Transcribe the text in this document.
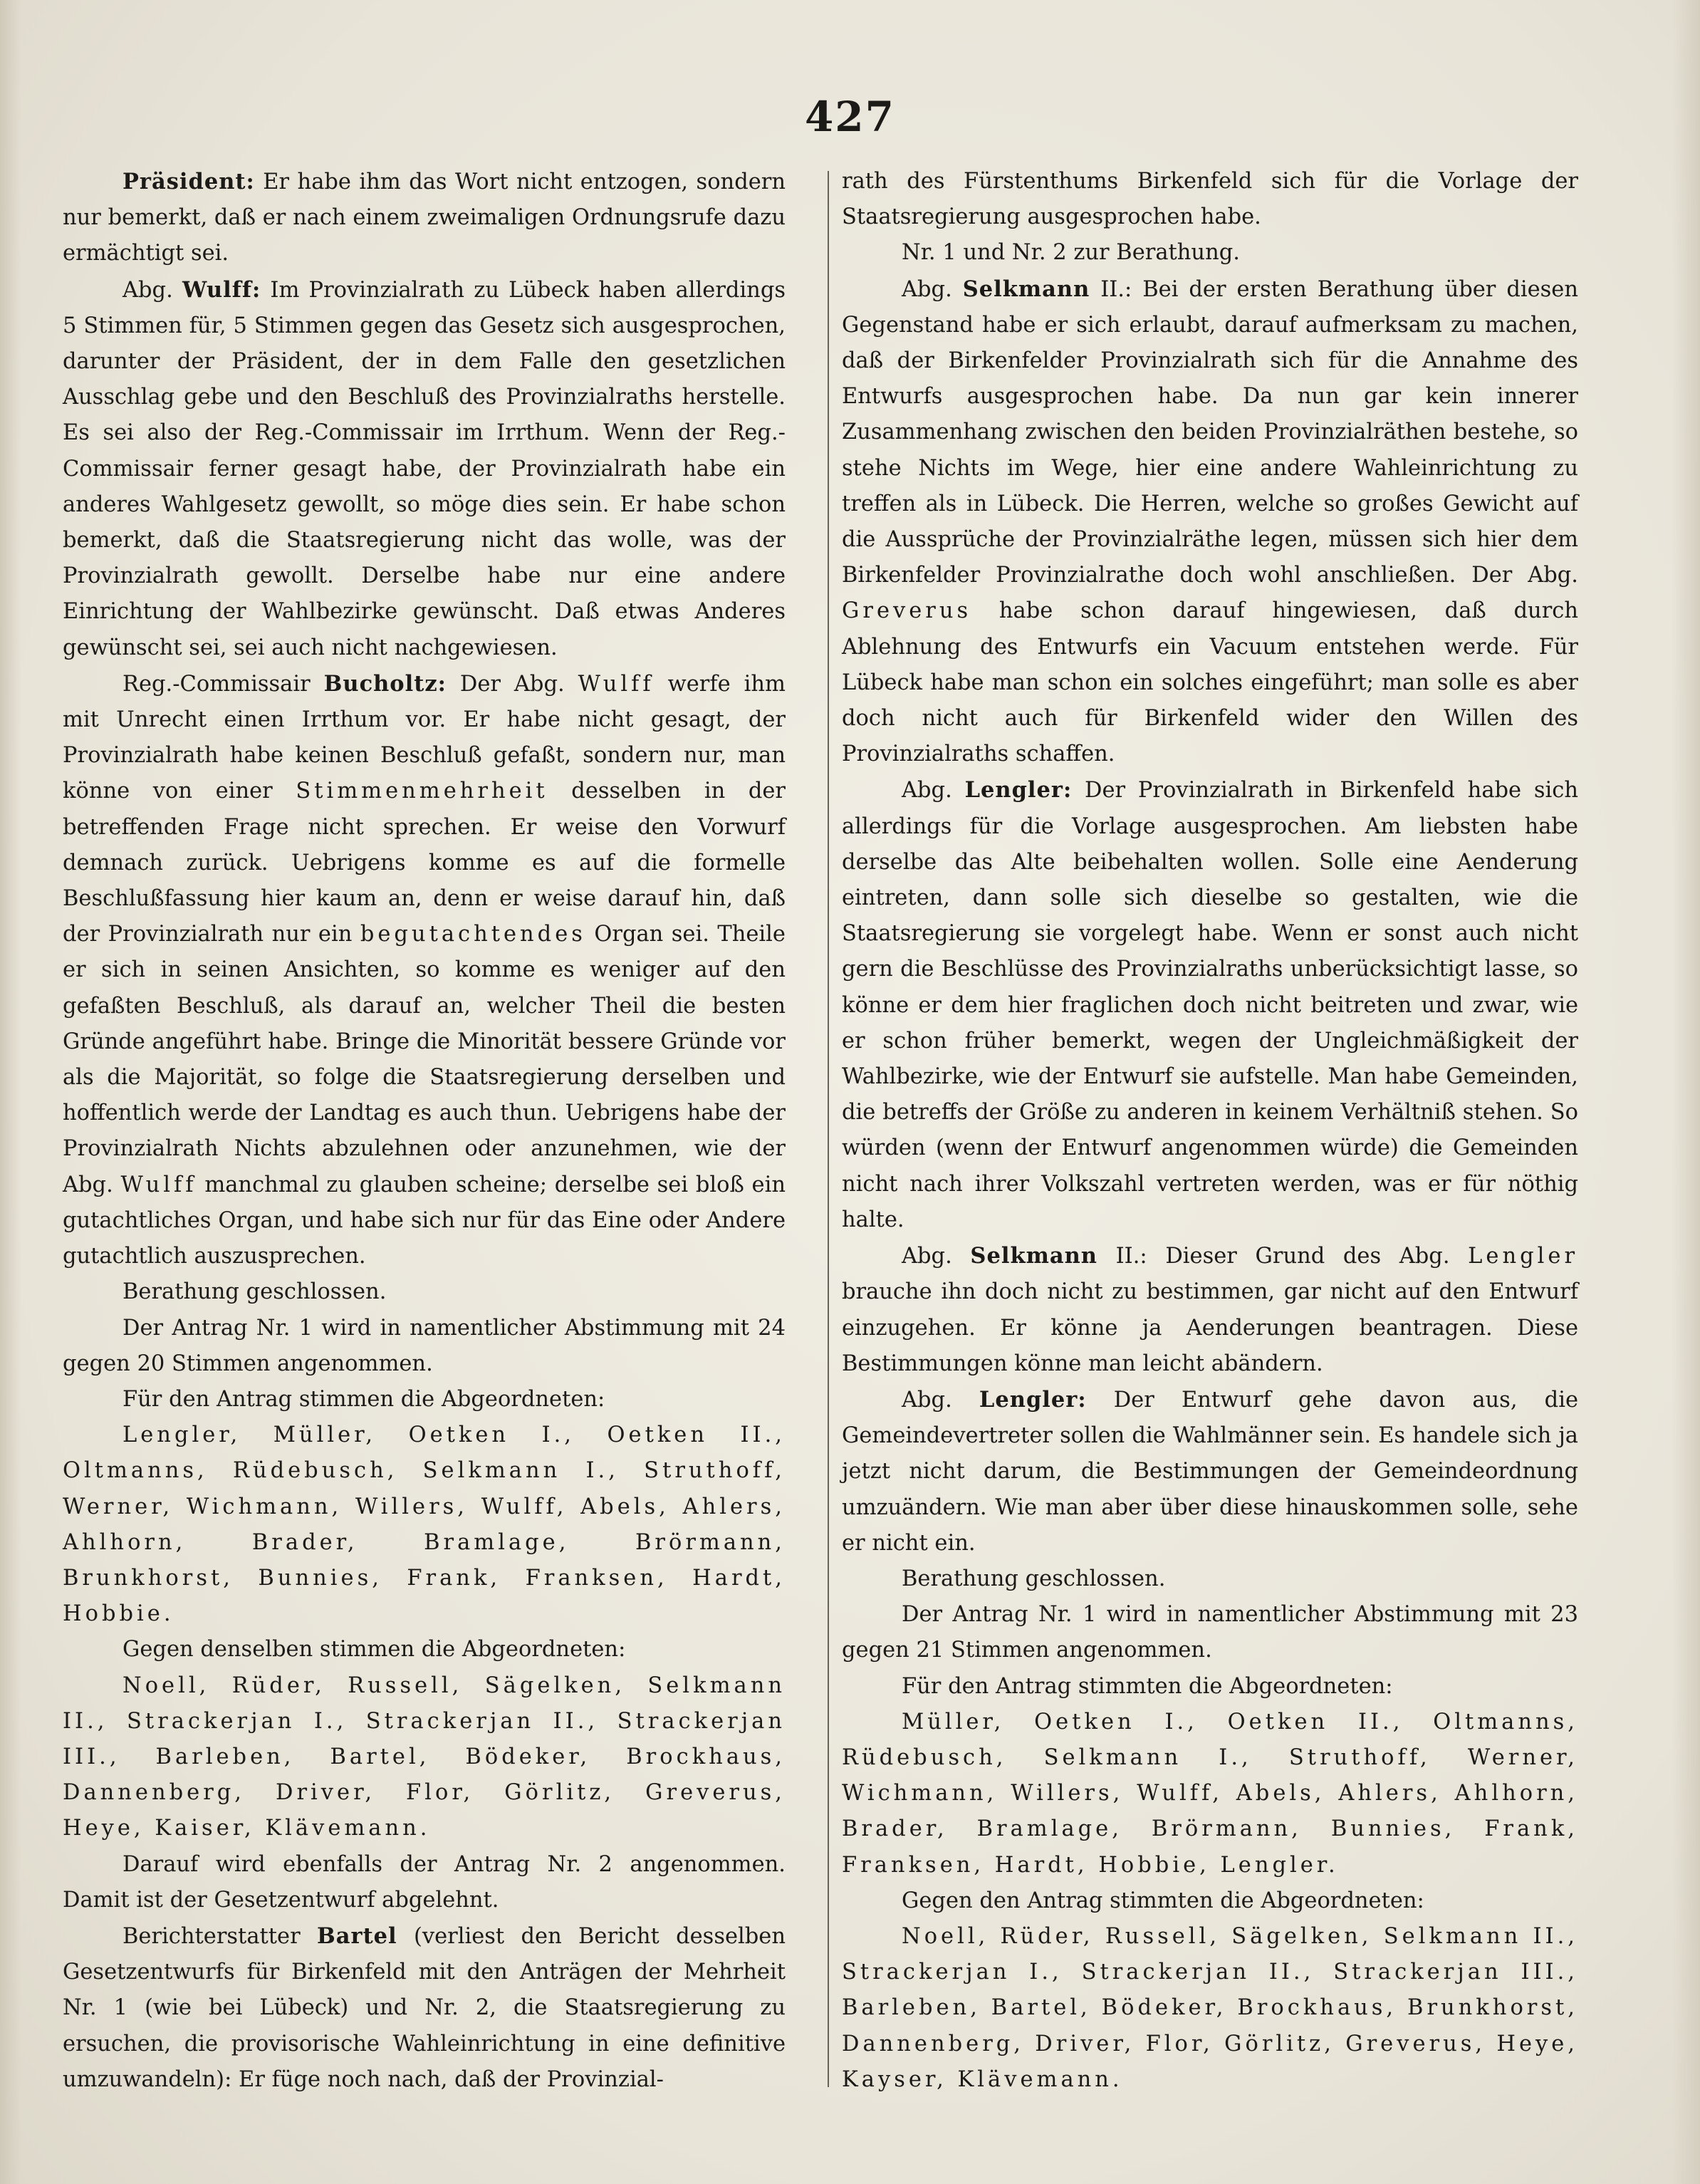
427

Präsident: Er habe ihm das Wort nicht entzogen, sondern nur bemerkt, daß er nach einem zweimaligen Ordnungsrufe dazu ermächtigt sei.

Abg. Wulff: Im Provinzialrath zu Lübeck haben allerdings 5 Stimmen für, 5 Stimmen gegen das Gesetz sich ausgesprochen, darunter der Präsident, der in dem Falle den gesetzlichen Ausschlag gebe und den Beschluß des Provinzialraths herstelle. Es sei also der Reg.-Commissair im Irrthum. Wenn der Reg.-Commissair ferner gesagt habe, der Provinzialrath habe ein anderes Wahlgesetz gewollt, so möge dies sein. Er habe schon bemerkt, daß die Staatsregierung nicht das wolle, was der Provinzialrath gewollt. Derselbe habe nur eine andere Einrichtung der Wahlbezirke gewünscht. Daß etwas Anderes gewünscht sei, sei auch nicht nachgewiesen.

Reg.-Commissair Bucholtz: Der Abg. Wulff werfe ihm mit Unrecht einen Irrthum vor. Er habe nicht gesagt, der Provinzialrath habe keinen Beschluß gefaßt, sondern nur, man könne von einer Stimmenmehrheit desselben in der betreffenden Frage nicht sprechen. Er weise den Vorwurf demnach zurück. Uebrigens komme es auf die formelle Beschlußfassung hier kaum an, denn er weise darauf hin, daß der Provinzialrath nur ein begutachtendes Organ sei. Theile er sich in seinen Ansichten, so komme es weniger auf den gefaßten Beschluß, als darauf an, welcher Theil die besten Gründe angeführt habe. Bringe die Minorität bessere Gründe vor als die Majorität, so folge die Staatsregierung derselben und hoffentlich werde der Landtag es auch thun. Uebrigens habe der Provinzialrath Nichts abzulehnen oder anzunehmen, wie der Abg. Wulff manchmal zu glauben scheine; derselbe sei bloß ein gutachtliches Organ, und habe sich nur für das Eine oder Andere gutachtlich auszusprechen.

Berathung geschlossen.

Der Antrag Nr. 1 wird in namentlicher Abstimmung mit 24 gegen 20 Stimmen angenommen.

Für den Antrag stimmen die Abgeordneten:

Lengler, Müller, Oetken I., Oetken II., Oltmanns, Rüdebusch, Selkmann I., Struthoff, Werner, Wichmann, Willers, Wulff, Abels, Ahlers, Ahlhorn, Brader, Bramlage, Brörmann, Brunkhorst, Bunnies, Frank, Franksen, Hardt, Hobbie.

Gegen denselben stimmen die Abgeordneten:

Noell, Rüder, Russell, Sägelken, Selkmann II., Strackerjan I., Strackerjan II., Strackerjan III., Barleben, Bartel, Bödeker, Brockhaus, Dannenberg, Driver, Flor, Görlitz, Greverus, Heye, Kaiser, Klävemann.

Darauf wird ebenfalls der Antrag Nr. 2 angenommen. Damit ist der Gesetzentwurf abgelehnt.

Berichterstatter Bartel (verliest den Bericht desselben Gesetzentwurfs für Birkenfeld mit den Anträgen der Mehrheit Nr. 1 (wie bei Lübeck) und Nr. 2, die Staatsregierung zu ersuchen, die provisorische Wahleinrichtung in eine definitive umzuwandeln): Er füge noch nach, daß der Provinzial-

rath des Fürstenthums Birkenfeld sich für die Vorlage der Staatsregierung ausgesprochen habe.

Nr. 1 und Nr. 2 zur Berathung.

Abg. Selkmann II.: Bei der ersten Berathung über diesen Gegenstand habe er sich erlaubt, darauf aufmerksam zu machen, daß der Birkenfelder Provinzialrath sich für die Annahme des Entwurfs ausgesprochen habe. Da nun gar kein innerer Zusammenhang zwischen den beiden Provinzialräthen bestehe, so stehe Nichts im Wege, hier eine andere Wahleinrichtung zu treffen als in Lübeck. Die Herren, welche so großes Gewicht auf die Aussprüche der Provinzialräthe legen, müssen sich hier dem Birkenfelder Provinzialrathe doch wohl anschließen. Der Abg. Greverus habe schon darauf hingewiesen, daß durch Ablehnung des Entwurfs ein Vacuum entstehen werde. Für Lübeck habe man schon ein solches eingeführt; man solle es aber doch nicht auch für Birkenfeld wider den Willen des Provinzialraths schaffen.

Abg. Lengler: Der Provinzialrath in Birkenfeld habe sich allerdings für die Vorlage ausgesprochen. Am liebsten habe derselbe das Alte beibehalten wollen. Solle eine Aenderung eintreten, dann solle sich dieselbe so gestalten, wie die Staatsregierung sie vorgelegt habe. Wenn er sonst auch nicht gern die Beschlüsse des Provinzialraths unberücksichtigt lasse, so könne er dem hier fraglichen doch nicht beitreten und zwar, wie er schon früher bemerkt, wegen der Ungleichmäßigkeit der Wahlbezirke, wie der Entwurf sie aufstelle. Man habe Gemeinden, die betreffs der Größe zu anderen in keinem Verhältniß stehen. So würden (wenn der Entwurf angenommen würde) die Gemeinden nicht nach ihrer Volkszahl vertreten werden, was er für nöthig halte.

Abg. Selkmann II.: Dieser Grund des Abg. Lengler brauche ihn doch nicht zu bestimmen, gar nicht auf den Entwurf einzugehen. Er könne ja Aenderungen beantragen. Diese Bestimmungen könne man leicht abändern.

Abg. Lengler: Der Entwurf gehe davon aus, die Gemeindevertreter sollen die Wahlmänner sein. Es handele sich ja jetzt nicht darum, die Bestimmungen der Gemeindeordnung umzuändern. Wie man aber über diese hinauskommen solle, sehe er nicht ein.

Berathung geschlossen.

Der Antrag Nr. 1 wird in namentlicher Abstimmung mit 23 gegen 21 Stimmen angenommen.

Für den Antrag stimmten die Abgeordneten:

Müller, Oetken I., Oetken II., Oltmanns, Rüdebusch, Selkmann I., Struthoff, Werner, Wichmann, Willers, Wulff, Abels, Ahlers, Ahlhorn, Brader, Bramlage, Brörmann, Bunnies, Frank, Franksen, Hardt, Hobbie, Lengler.

Gegen den Antrag stimmten die Abgeordneten:

Noell, Rüder, Russell, Sägelken, Selkmann II., Strackerjan I., Strackerjan II., Strackerjan III., Barleben, Bartel, Bödeker, Brockhaus, Brunkhorst, Dannenberg, Driver, Flor, Görlitz, Greverus, Heye, Kayser, Klävemann.
